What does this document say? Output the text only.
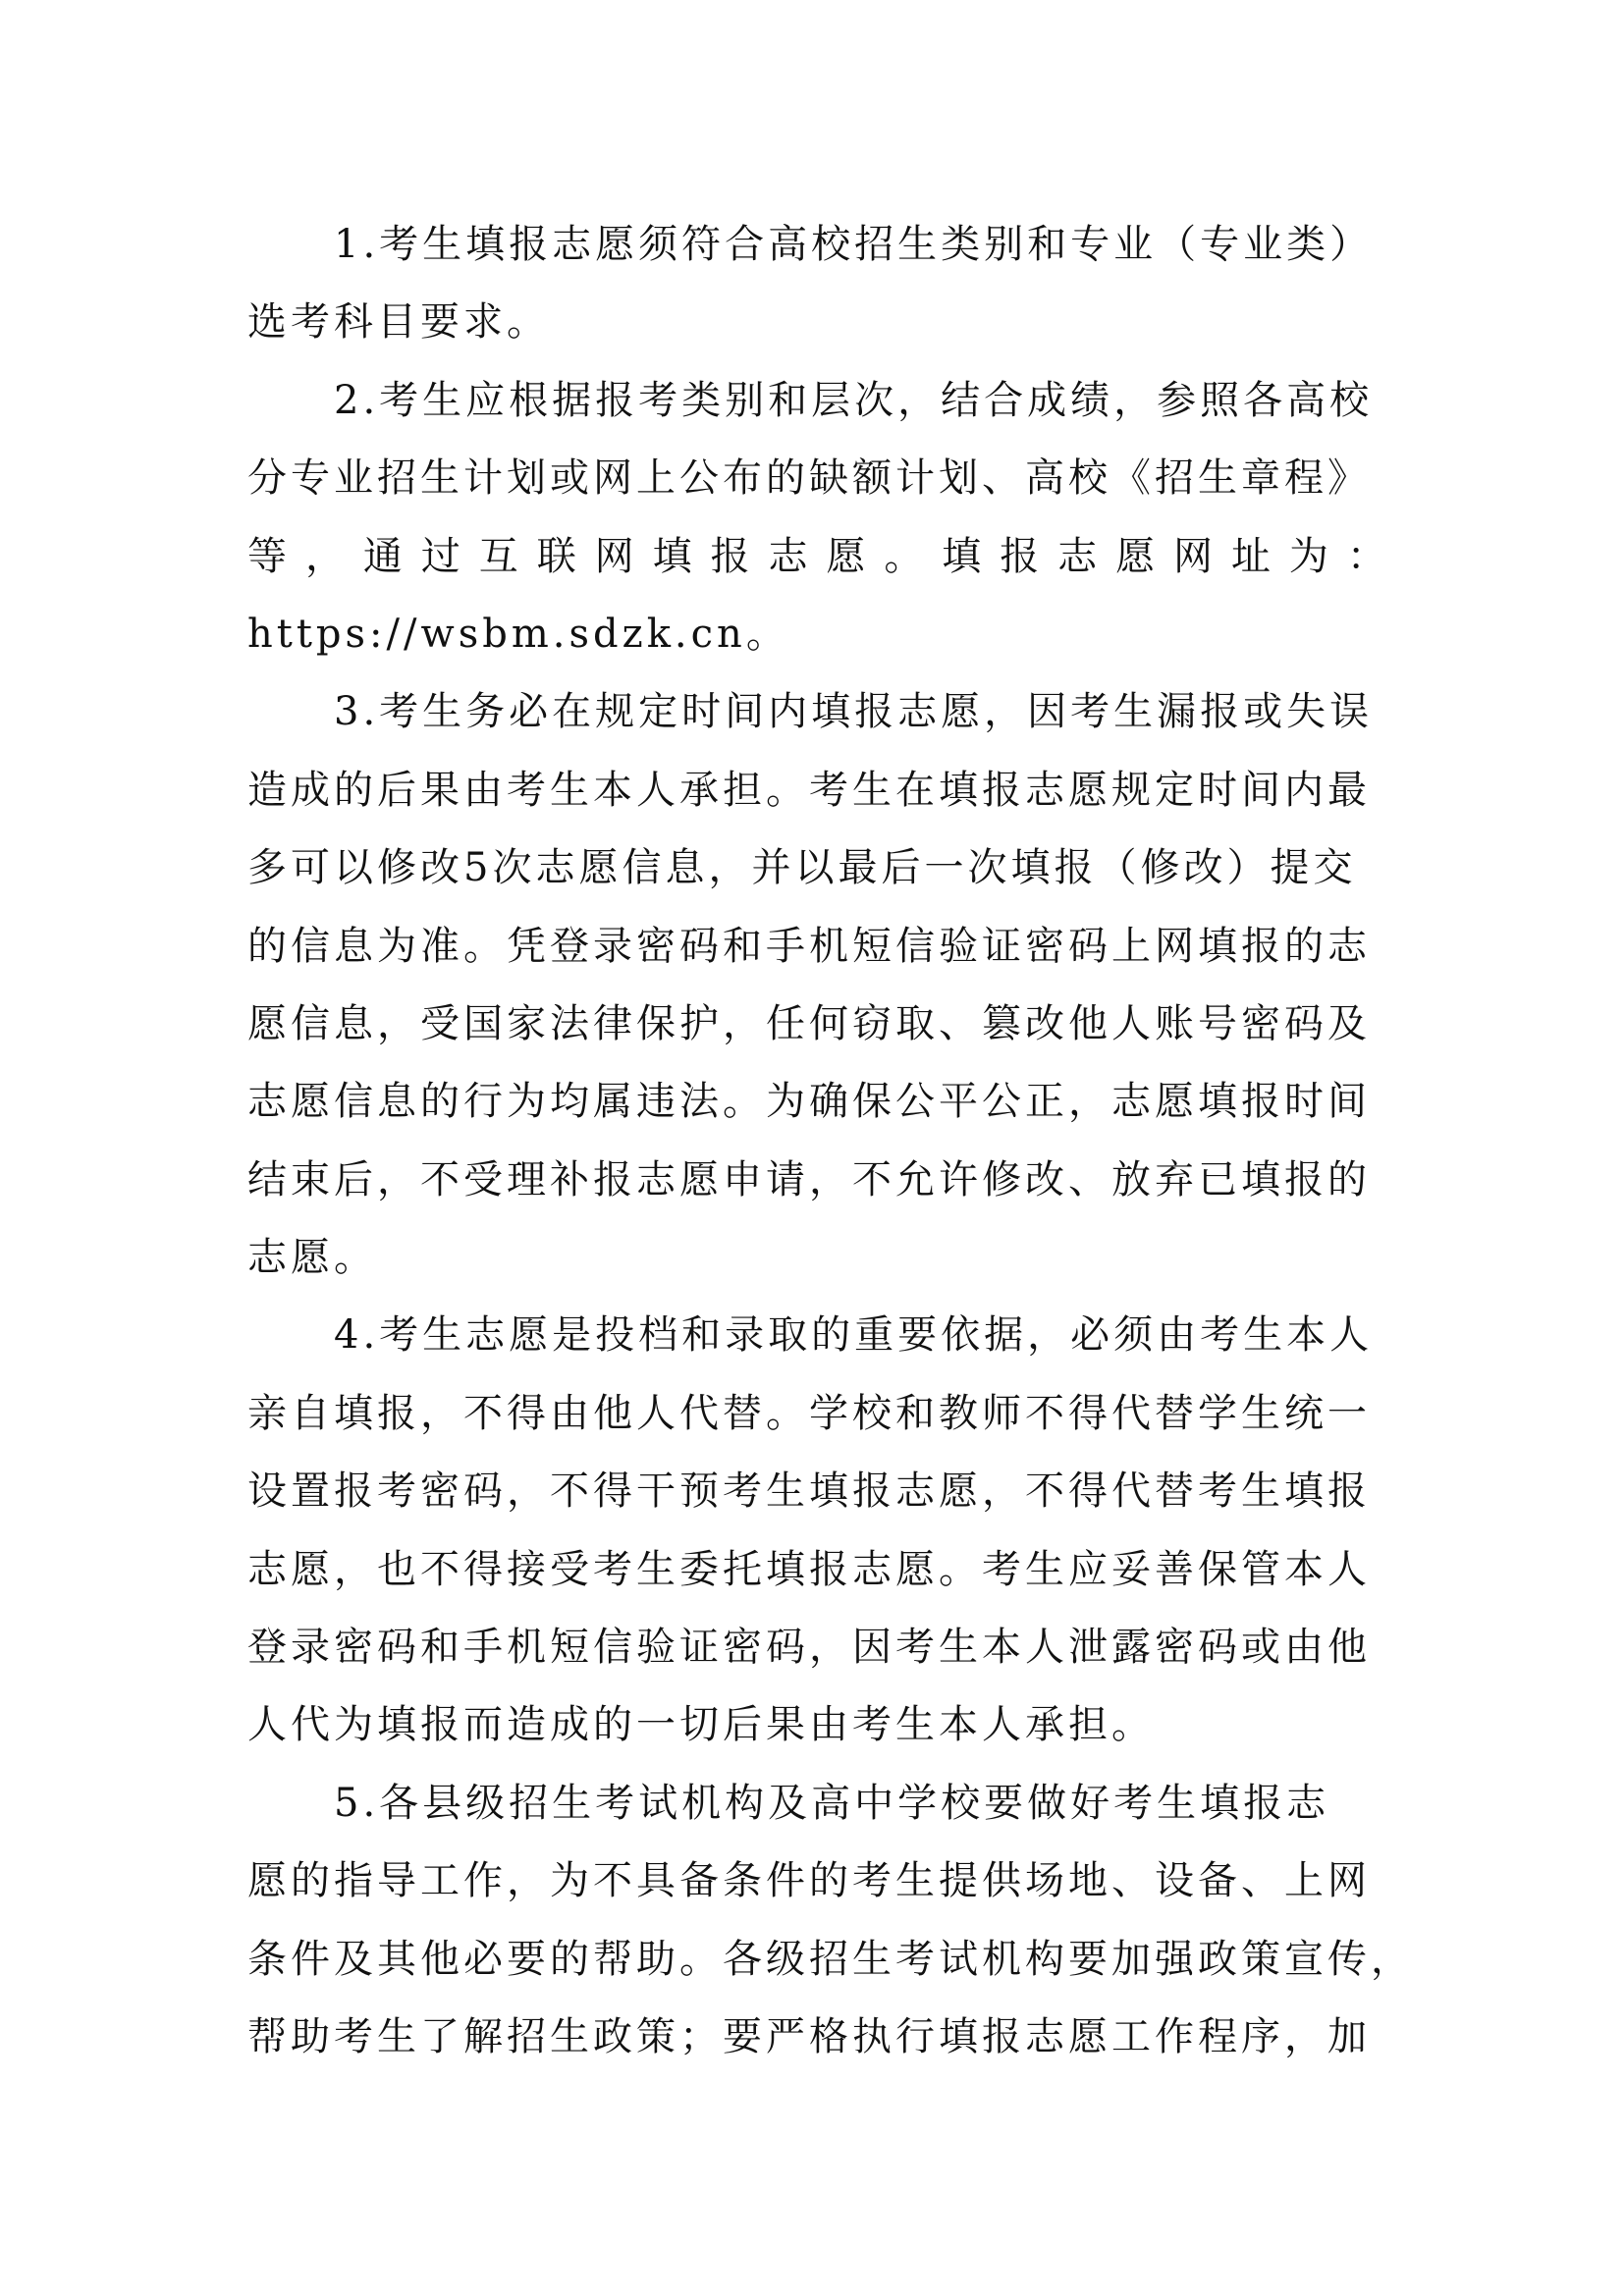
1.考生填报志愿须符合高校招生类别和专业（专业类）
选考科目要求。
2.考生应根据报考类别和层次，结合成绩，参照各高校
分专业招生计划或网上公布的缺额计划、高校《招生章程》
等 ， 通 过 互 联 网 填 报 志 愿 。 填 报 志 愿 网 址 为 ：
https://wsbm.sdzk.cn。
3.考生务必在规定时间内填报志愿，因考生漏报或失误
造成的后果由考生本人承担。考生在填报志愿规定时间内最
多可以修改5次志愿信息，并以最后一次填报（修改）提交
的信息为准。凭登录密码和手机短信验证密码上网填报的志
愿信息，受国家法律保护，任何窃取、篡改他人账号密码及
志愿信息的行为均属违法。为确保公平公正，志愿填报时间
结束后，不受理补报志愿申请，不允许修改、放弃已填报的
志愿。
4.考生志愿是投档和录取的重要依据，必须由考生本人
亲自填报，不得由他人代替。学校和教师不得代替学生统一
设置报考密码，不得干预考生填报志愿，不得代替考生填报
志愿，也不得接受考生委托填报志愿。考生应妥善保管本人
登录密码和手机短信验证密码，因考生本人泄露密码或由他
人代为填报而造成的一切后果由考生本人承担。
5.各县级招生考试机构及高中学校要做好考生填报志
愿的指导工作，为不具备条件的考生提供场地、设备、上网
条件及其他必要的帮助。各级招生考试机构要加强政策宣传，
帮助考生了解招生政策；要严格执行填报志愿工作程序，加
